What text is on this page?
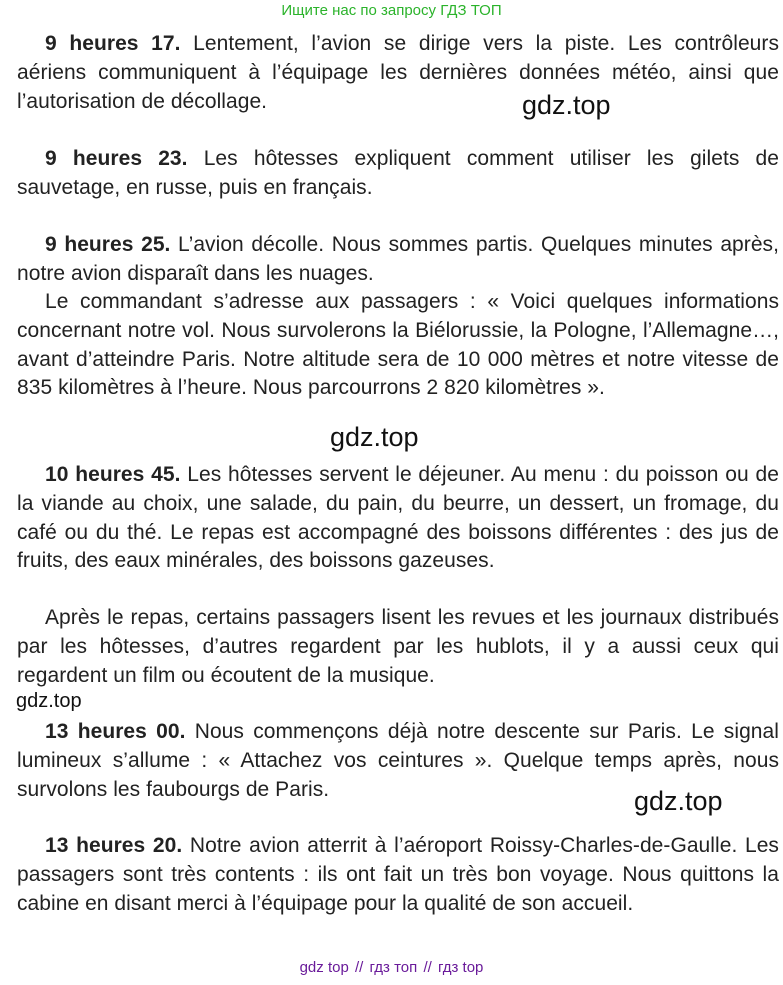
Ищите нас по запросу ГДЗ ТОП

9 heures 17. Lentement, l’avion se dirige vers la piste. Les contrôleurs aériens communiquent à l’équipage les dernières données météo, ainsi que l’autorisation de décollage.

9 heures 23. Les hôtesses expliquent comment utiliser les gilets de sauvetage, en russe, puis en français.

9 heures 25. L’avion décolle. Nous sommes partis. Quelques minutes après, notre avion disparaît dans les nuages.

Le commandant s’adresse aux passagers : « Voici quelques informations concernant notre vol. Nous survolerons la Biélorussie, la Pologne, l’Allemagne…, avant d’atteindre Paris. Notre altitude sera de 10 000 mètres et notre vitesse de 835 kilomètres à l’heure. Nous parcourrons 2 820 kilomètres ».

10 heures 45. Les hôtesses servent le déjeuner. Au menu : du poisson ou de la viande au choix, une salade, du pain, du beurre, un dessert, un fromage, du café ou du thé. Le repas est accompagné des boissons différentes : des jus de fruits, des eaux minérales, des boissons gazeuses.

Après le repas, certains passagers lisent les revues et les journaux distribués par les hôtesses, d’autres regardent par les hublots, il y a aussi ceux qui regardent un film ou écoutent de la musique.

13 heures 00. Nous commençons déjà notre descente sur Paris. Le signal lumineux s’allume : « Attachez vos ceintures ». Quelque temps après, nous survolons les faubourgs de Paris.

13 heures 20. Notre avion atterrit à l’aéroport Roissy-Charles-de-Gaulle. Les passagers sont très contents : ils ont fait un très bon voyage. Nous quittons la cabine en disant merci à l’équipage pour la qualité de son accueil.

gdz.top
gdz.top
gdz.top
gdz.top
gdz top // гдз топ // гдз top
